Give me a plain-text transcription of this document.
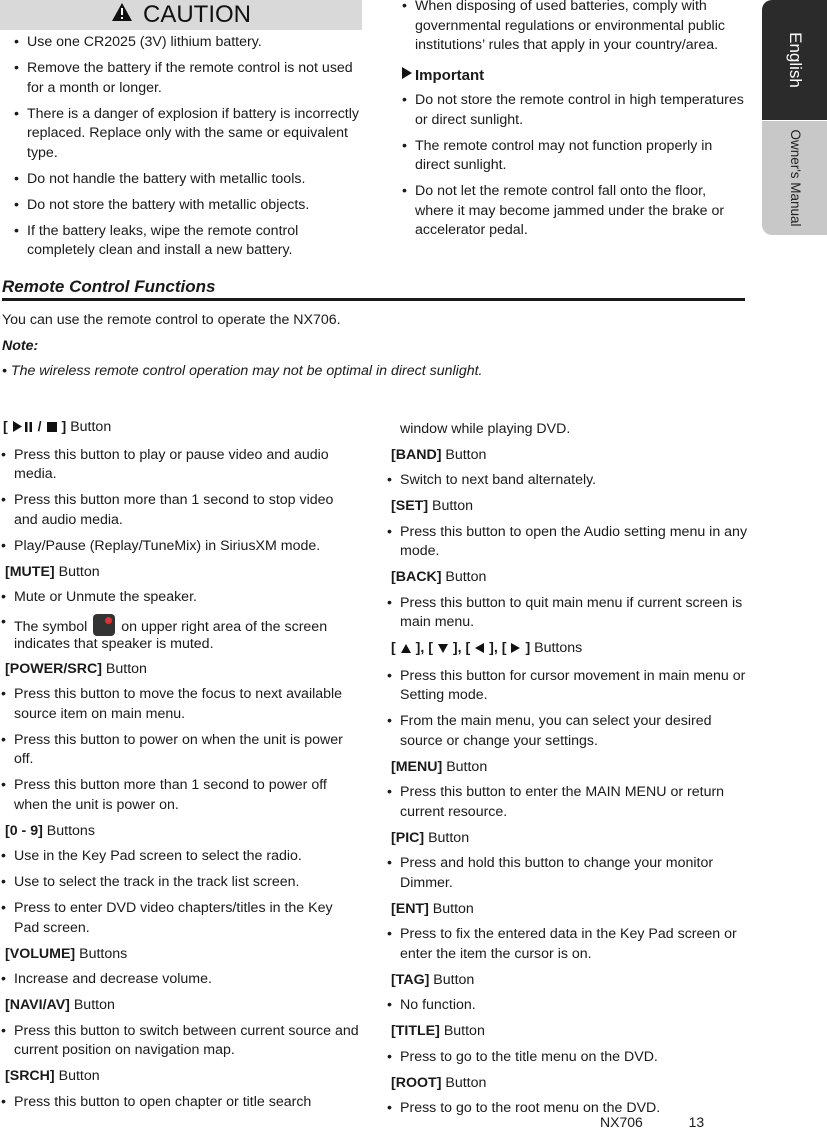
CAUTION
• Use one CR2025 (3V) lithium battery.
• Remove the battery if the remote control is not used for a month or longer.
• There is a danger of explosion if battery is incorrectly replaced. Replace only with the same or equivalent type.
• Do not handle the battery with metallic tools.
• Do not store the battery with metallic objects.
• If the battery leaks, wipe the remote control completely clean and install a new battery.
• When disposing of used batteries, comply with governmental regulations or environmental public institutions’ rules that apply in your country/area.
Important
• Do not store the remote control in high temperatures or direct sunlight.
• The remote control may not function properly in direct sunlight.
• Do not let the remote control fall onto the floor, where it may become jammed under the brake or accelerator pedal.
English
Owner's Manual
Remote Control Functions
You can use the remote control to operate the NX706.
Note:
• The wireless remote control operation may not be optimal in direct sunlight.
[ / ] Button
• Press this button to play or pause video and audio media.
• Press this button more than 1 second to stop video and audio media.
• Play/Pause (Replay/TuneMix) in SiriusXM mode.
[MUTE] Button
• Mute or Unmute the speaker.
• The symbol on upper right area of the screen indicates that speaker is muted.
[POWER/SRC] Button
• Press this button to move the focus to next available source item on main menu.
• Press this button to power on when the unit is power off.
• Press this button more than 1 second to power off when the unit is power on.
[0 - 9] Buttons
• Use in the Key Pad screen to select the radio.
• Use to select the track in the track list screen.
• Press to enter DVD video chapters/titles in the Key Pad screen.
[VOLUME] Buttons
• Increase and decrease volume.
[NAVI/AV] Button
• Press this button to switch between current source and current position on navigation map.
[SRCH] Button
• Press this button to open chapter or title search
window while playing DVD.
[BAND] Button
• Switch to next band alternately.
[SET] Button
• Press this button to open the Audio setting menu in any mode.
[BACK] Button
• Press this button to quit main menu if current screen is main menu.
[ ], [ ], [ ], [ ] Buttons
• Press this button for cursor movement in main menu or Setting mode.
• From the main menu, you can select your desired source or change your settings.
[MENU] Button
• Press this button to enter the MAIN MENU or return current resource.
[PIC] Button
• Press and hold this button to change your monitor Dimmer.
[ENT] Button
• Press to fix the entered data in the Key Pad screen or enter the item the cursor is on.
[TAG] Button
• No function.
[TITLE] Button
• Press to go to the title menu on the DVD.
[ROOT] Button
• Press to go to the root menu on the DVD.
NX706	13
